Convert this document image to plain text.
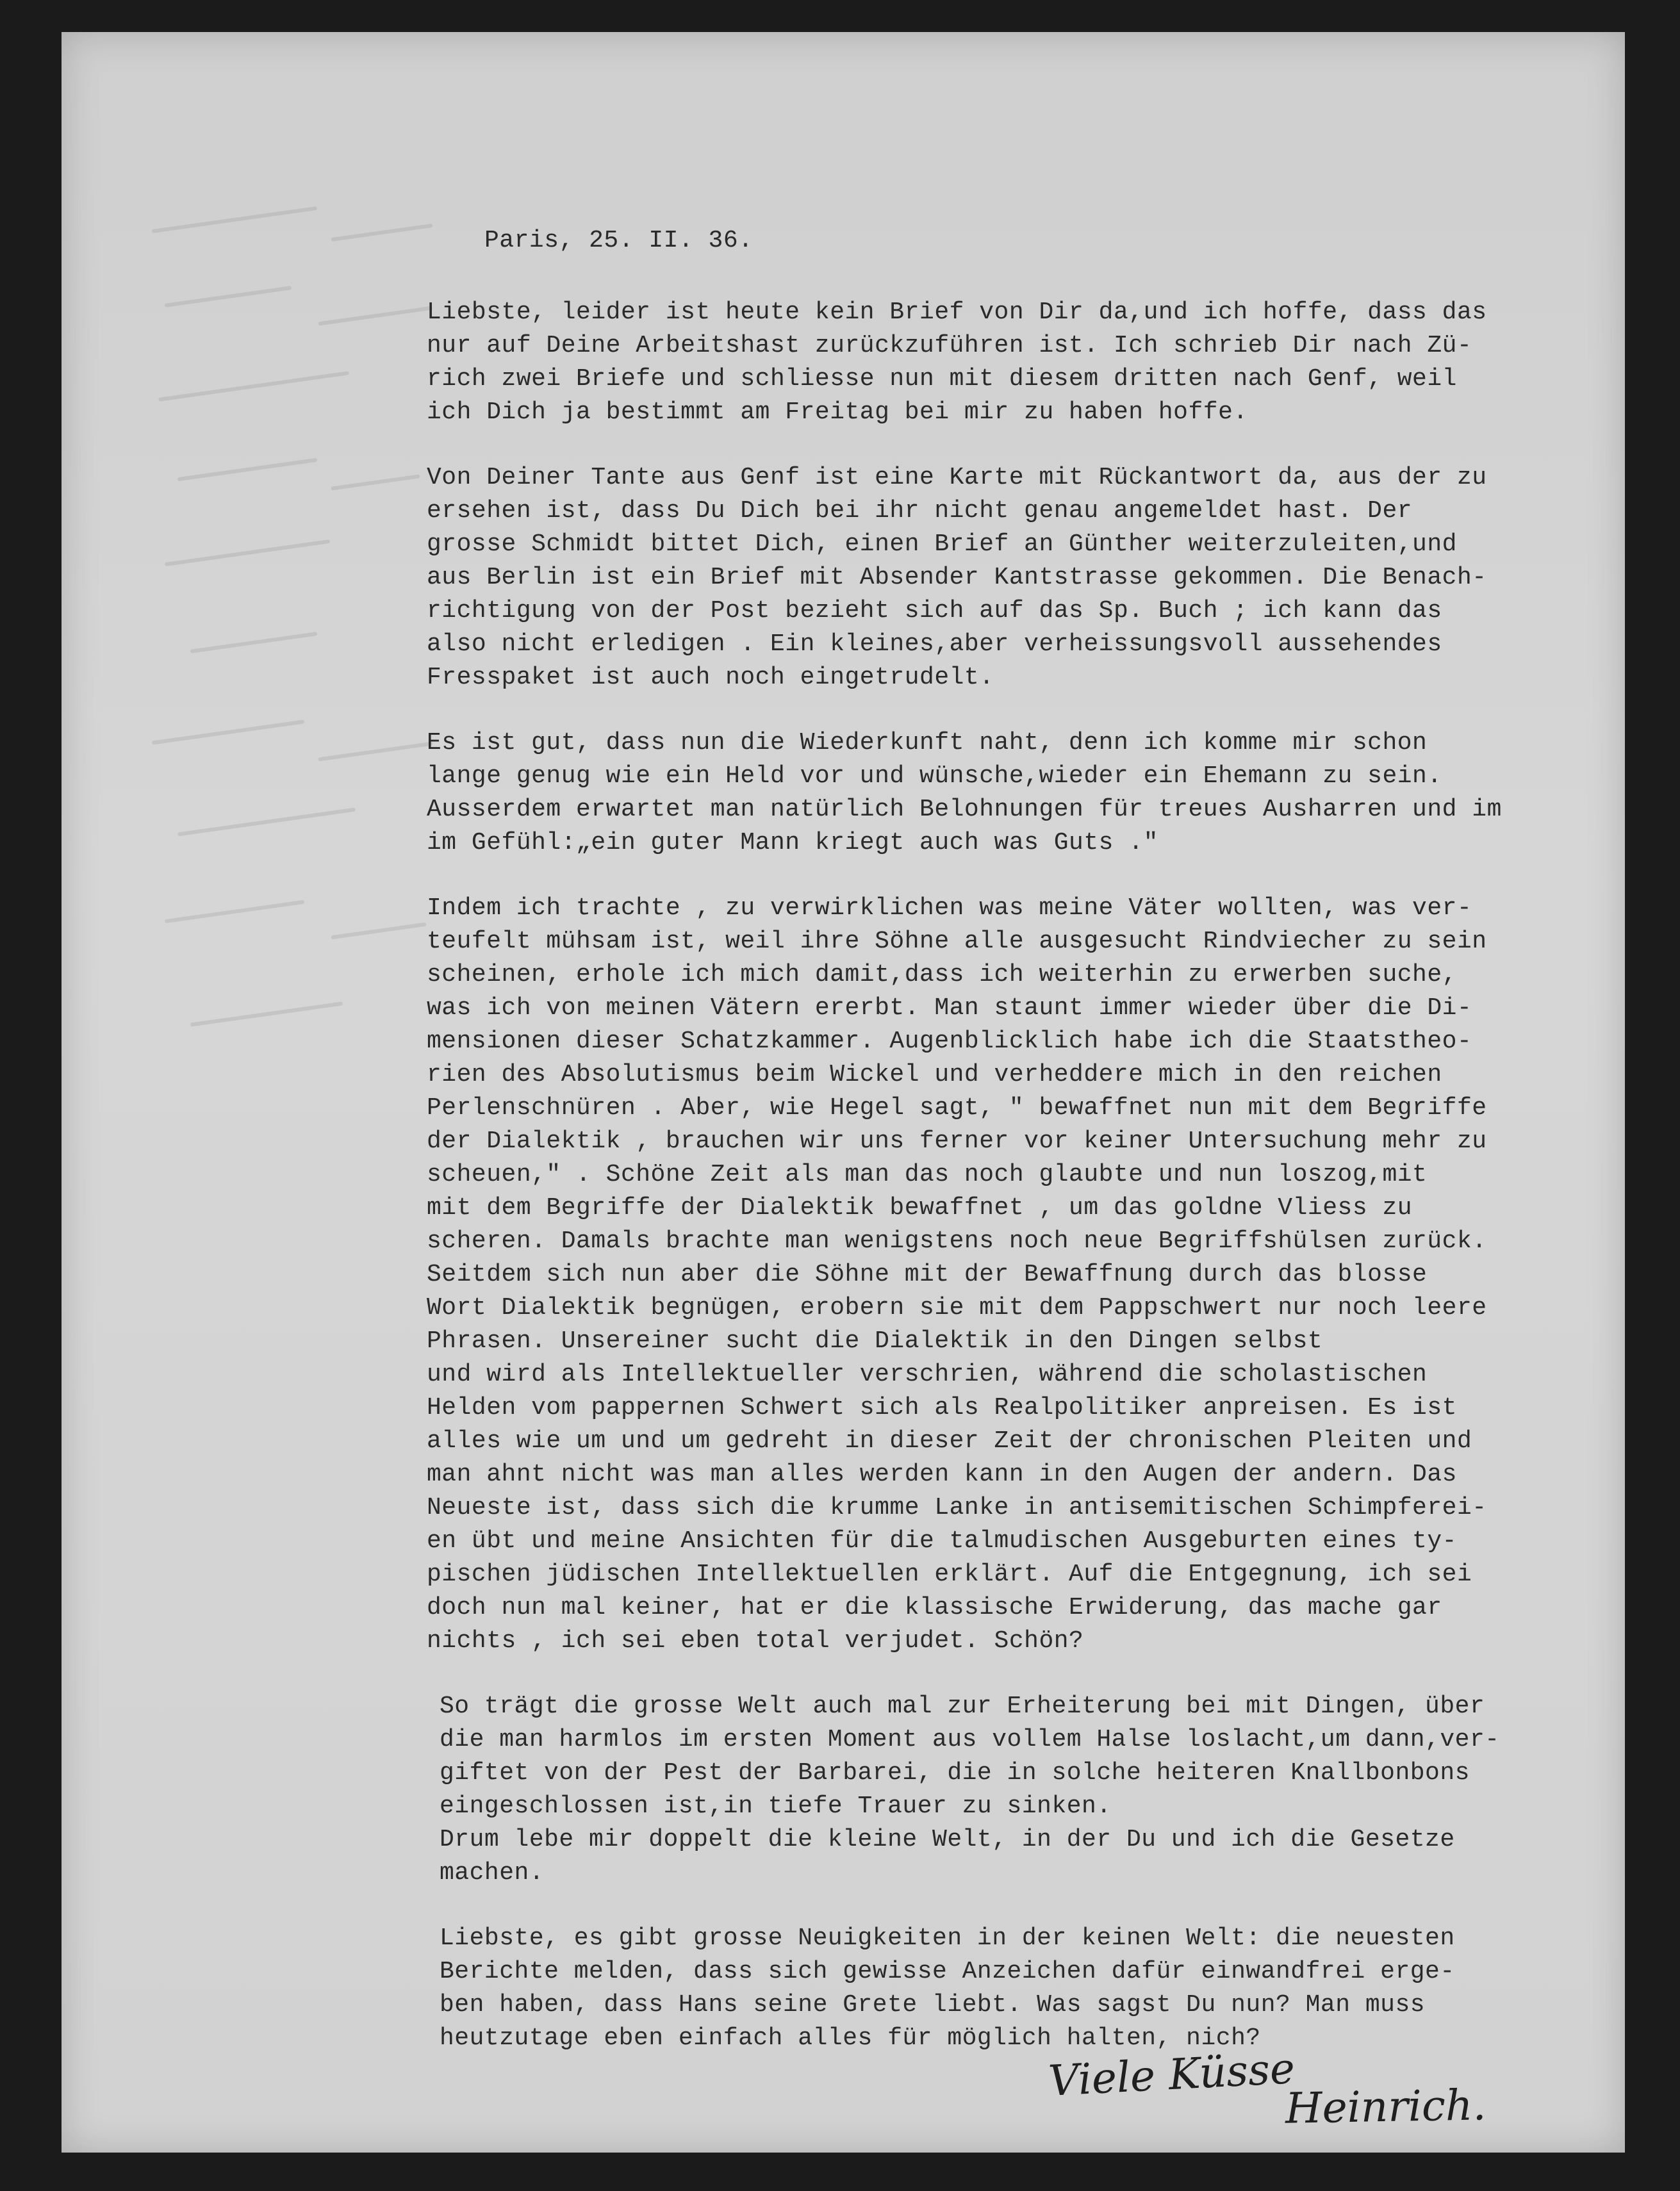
Paris, 25. II. 36.
Liebste, leider ist heute kein Brief von Dir da,und ich hoffe, dass das
nur auf Deine Arbeitshast zurückzuführen ist. Ich schrieb Dir nach Zü-
rich zwei Briefe und schliesse nun mit diesem dritten nach Genf, weil
ich Dich ja bestimmt am Freitag bei mir zu haben hoffe.
Von Deiner Tante aus Genf ist eine Karte mit Rückantwort da, aus der zu
ersehen ist, dass Du Dich bei ihr nicht genau angemeldet hast. Der
grosse Schmidt bittet Dich, einen Brief an Günther weiterzuleiten,und
aus Berlin ist ein Brief mit Absender Kantstrasse gekommen. Die Benach-
richtigung von der Post bezieht sich auf das Sp. Buch ; ich kann das
also nicht erledigen . Ein kleines,aber verheissungsvoll aussehendes
Fresspaket ist auch noch eingetrudelt.
Es ist gut, dass nun die Wiederkunft naht, denn ich komme mir schon
lange genug wie ein Held vor und wünsche,wieder ein Ehemann zu sein.
Ausserdem erwartet man natürlich Belohnungen für treues Ausharren und im
im Gefühl:„ein guter Mann kriegt auch was Guts ."
Indem ich trachte , zu verwirklichen was meine Väter wollten, was ver-
teufelt mühsam ist, weil ihre Söhne alle ausgesucht Rindviecher zu sein
scheinen, erhole ich mich damit,dass ich weiterhin zu erwerben suche,
was ich von meinen Vätern ererbt. Man staunt immer wieder über die Di-
mensionen dieser Schatzkammer. Augenblicklich habe ich die Staatstheo-
rien des Absolutismus beim Wickel und verheddere mich in den reichen
Perlenschnüren . Aber, wie Hegel sagt, " bewaffnet nun mit dem Begriffe
der Dialektik , brauchen wir uns ferner vor keiner Untersuchung mehr zu
scheuen," . Schöne Zeit als man das noch glaubte und nun loszog,mit
mit dem Begriffe der Dialektik bewaffnet , um das goldne Vliess zu
scheren. Damals brachte man wenigstens noch neue Begriffshülsen zurück.
Seitdem sich nun aber die Söhne mit der Bewaffnung durch das blosse
Wort Dialektik begnügen, erobern sie mit dem Pappschwert nur noch leere
Phrasen. Unsereiner sucht die Dialektik in den Dingen selbst
und wird als Intellektueller verschrien, während die scholastischen
Helden vom pappernen Schwert sich als Realpolitiker anpreisen. Es ist
alles wie um und um gedreht in dieser Zeit der chronischen Pleiten und
man ahnt nicht was man alles werden kann in den Augen der andern. Das
Neueste ist, dass sich die krumme Lanke in antisemitischen Schimpferei-
en übt und meine Ansichten für die talmudischen Ausgeburten eines ty-
pischen jüdischen Intellektuellen erklärt. Auf die Entgegnung, ich sei
doch nun mal keiner, hat er die klassische Erwiderung, das mache gar
nichts , ich sei eben total verjudet. Schön?
So trägt die grosse Welt auch mal zur Erheiterung bei mit Dingen, über
die man harmlos im ersten Moment aus vollem Halse loslacht,um dann,ver-
giftet von der Pest der Barbarei, die in solche heiteren Knallbonbons
eingeschlossen ist,in tiefe Trauer zu sinken.
Drum lebe mir doppelt die kleine Welt, in der Du und ich die Gesetze
machen.
Liebste, es gibt grosse Neuigkeiten in der keinen Welt: die neuesten
Berichte melden, dass sich gewisse Anzeichen dafür einwandfrei erge-
ben haben, dass Hans seine Grete liebt. Was sagst Du nun? Man muss
heutzutage eben einfach alles für möglich halten, nich?
Viele Küsse
Heinrich.
